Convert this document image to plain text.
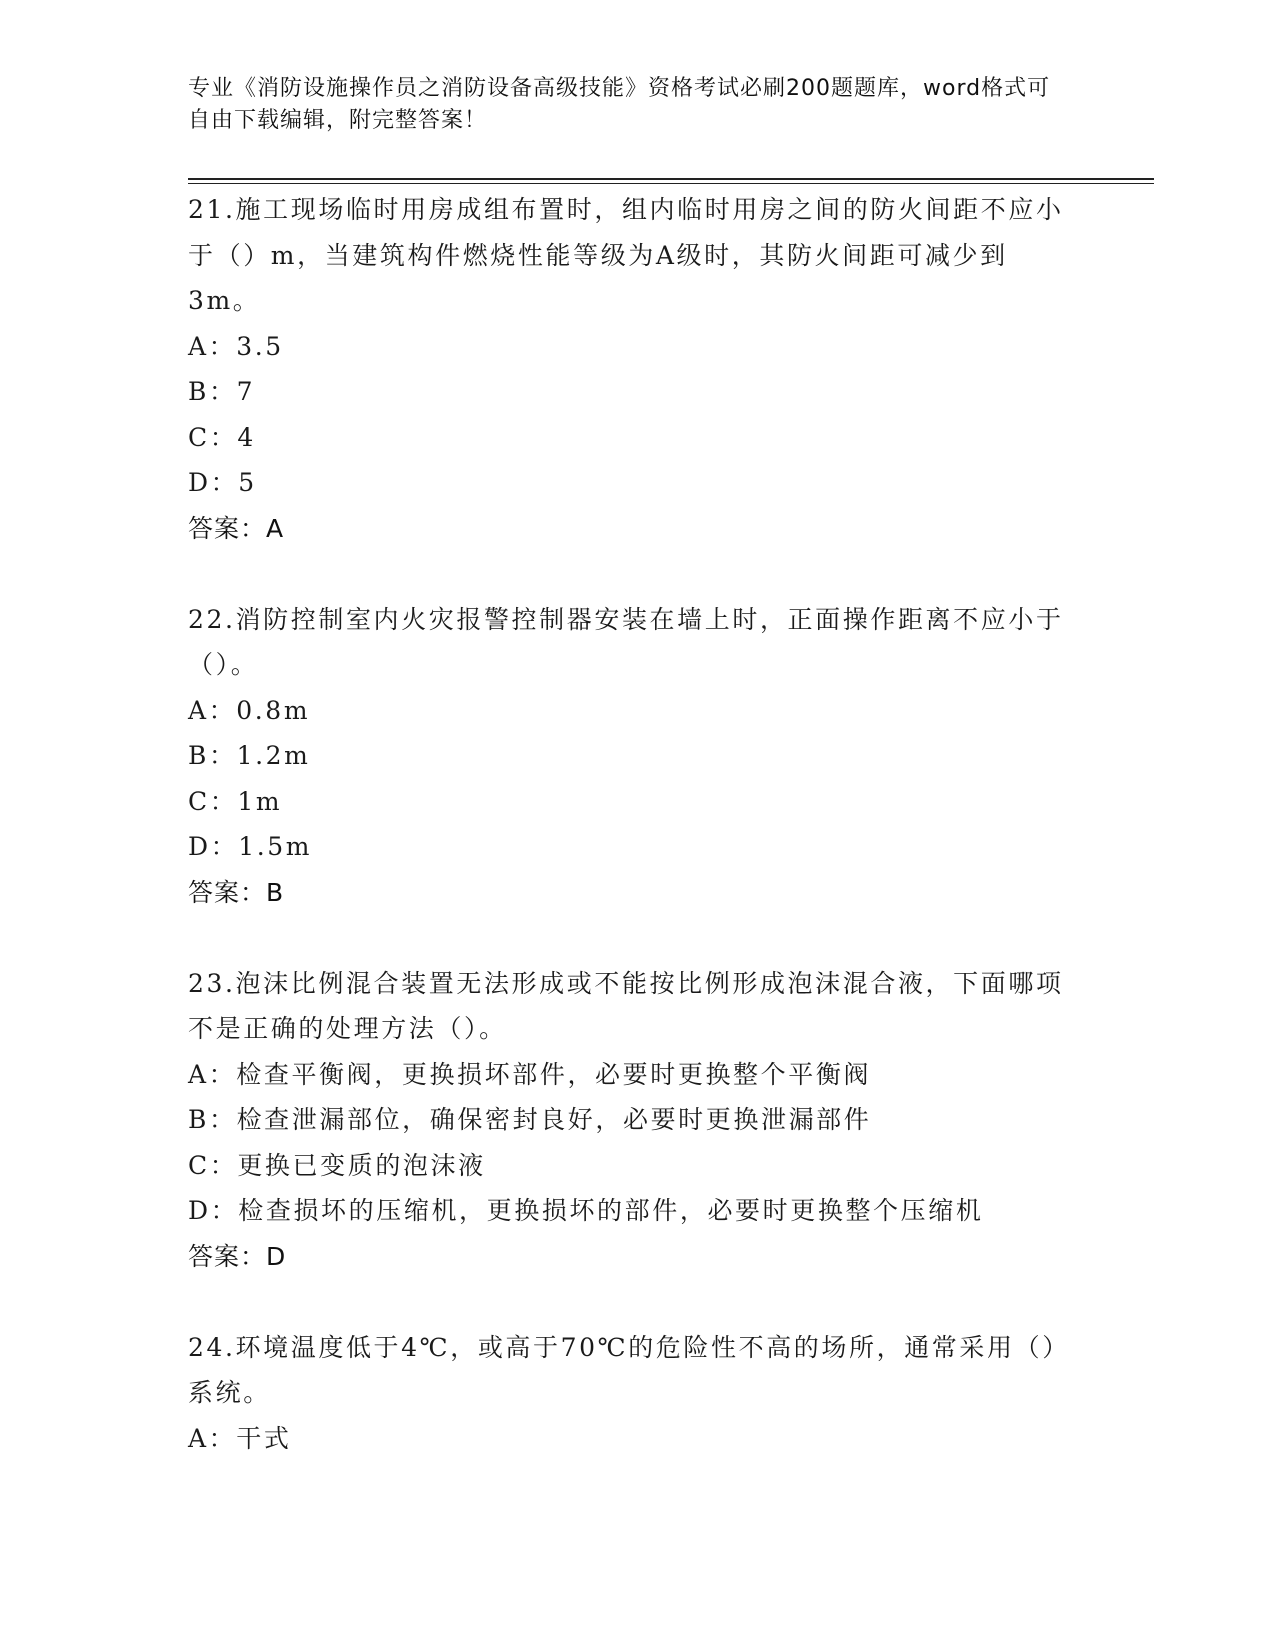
专业《消防设施操作员之消防设备高级技能》资格考试必刷200题题库，word格式可自由下载编辑，附完整答案！

21.施工现场临时用房成组布置时，组内临时用房之间的防火间距不应小于（）m，当建筑构件燃烧性能等级为A级时，其防火间距可减少到3m。

A：3.5

B：7

C：4

D：5

答案：A

22.消防控制室内火灾报警控制器安装在墙上时，正面操作距离不应小于（）。

A：0.8m

B：1.2m

C：1m

D：1.5m

答案：B

23.泡沫比例混合装置无法形成或不能按比例形成泡沫混合液，下面哪项不是正确的处理方法（）。

A：检查平衡阀，更换损坏部件，必要时更换整个平衡阀

B：检查泄漏部位，确保密封良好，必要时更换泄漏部件

C：更换已变质的泡沫液

D：检查损坏的压缩机，更换损坏的部件，必要时更换整个压缩机

答案：D

24.环境温度低于4℃，或高于70℃的危险性不高的场所，通常采用（）系统。

A：干式
